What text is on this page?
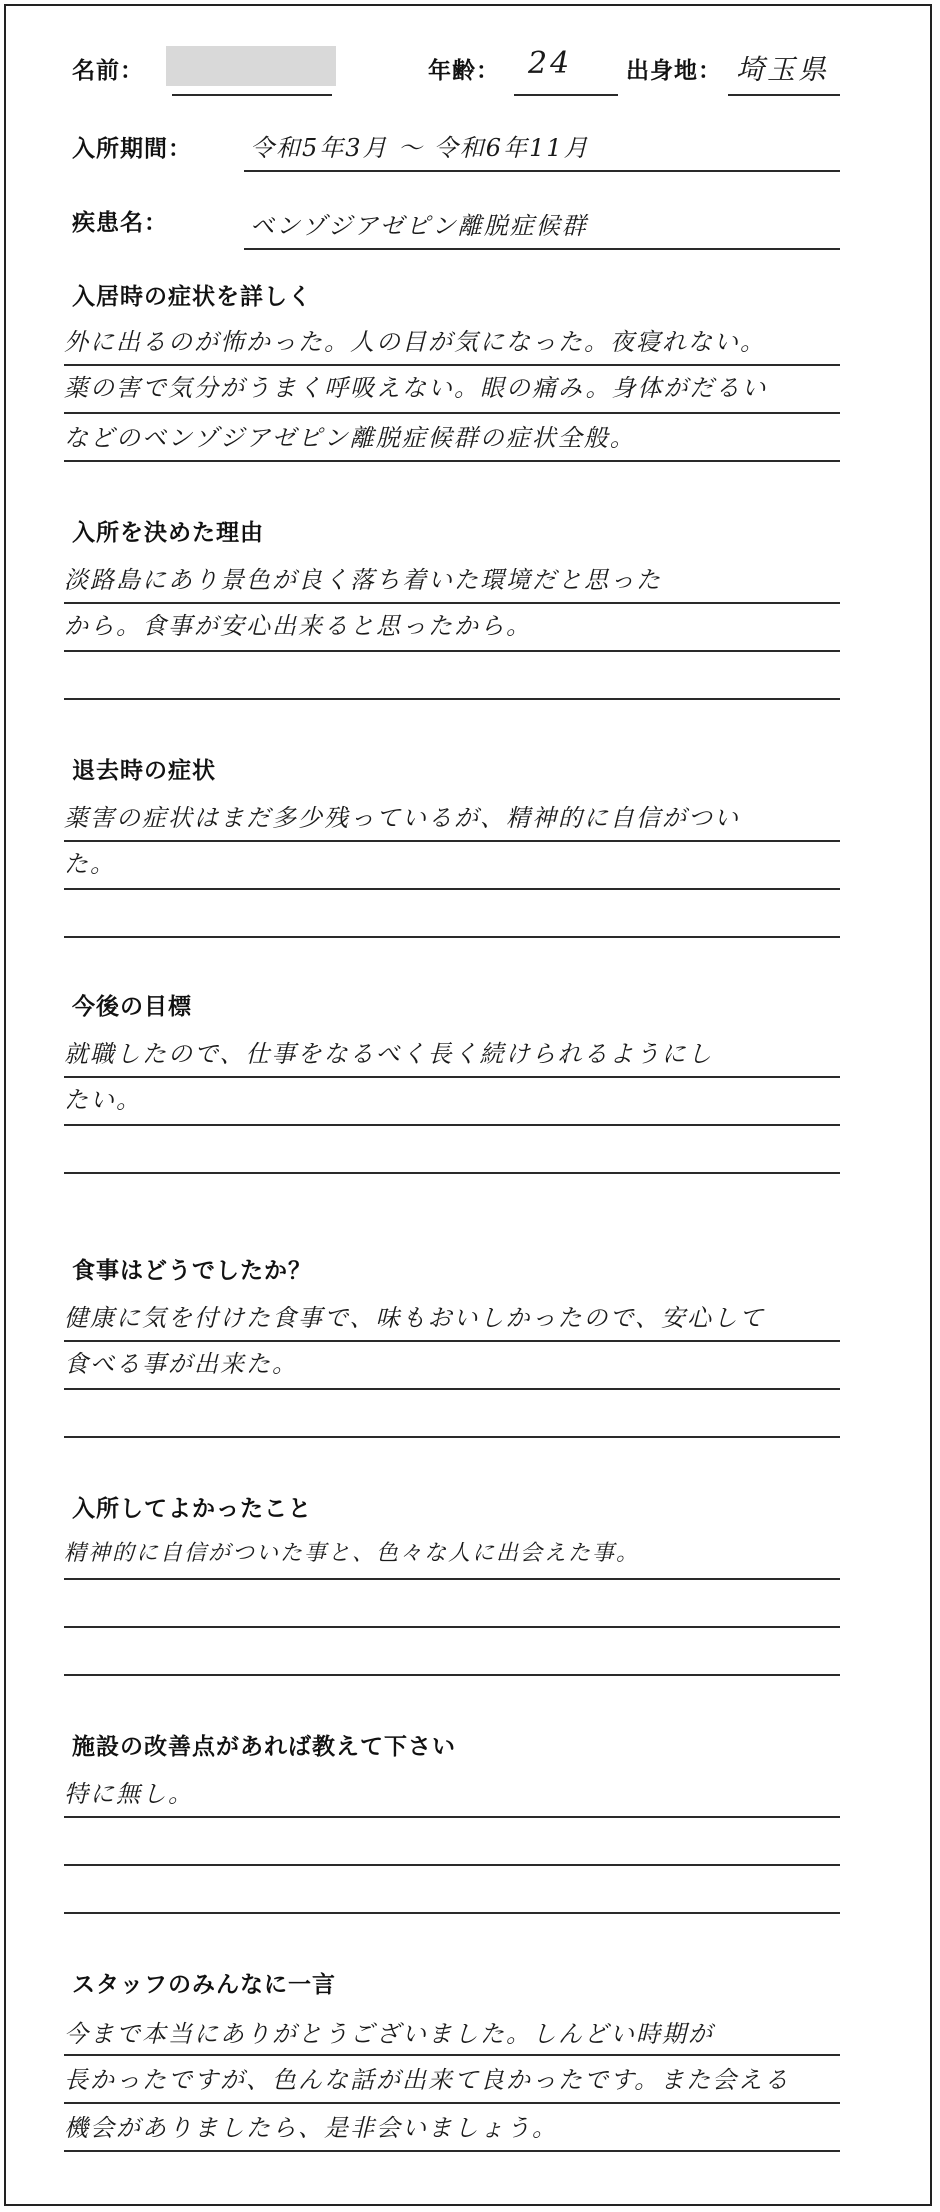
名前：	年齢： 24 出身地： 埼玉県
入所期間： 令和5年3月 ～ 令和6年11月
疾患名：	ベンゾジアゼピン離脱症候群
入居時の症状を詳しく
外に出るのが怖かった。人の目が気になった。夜寝れない。
薬の害で気分がうまく呼吸えない。眼の痛み。身体がだるい
などのベンゾジアゼピン離脱症候群の症状全般。
入所を決めた理由
淡路島にあり景色が良く落ち着いた環境だと思った
から。食事が安心出来ると思ったから。
退去時の症状
薬害の症状はまだ多少残っているが、精神的に自信がつい
た。
今後の目標
就職したので、仕事をなるべく長く続けられるようにし
たい。
食事はどうでしたか？
健康に気を付けた食事で、味もおいしかったので、安心して
食べる事が出来た。
入所してよかったこと
精神的に自信がついた事と、色々な人に出会えた事。
施設の改善点があれば教えて下さい
特に無し。
スタッフのみんなに一言
今まで本当にありがとうございました。しんどい時期が
長かったですが、色んな話が出来て良かったです。また会える
機会がありましたら、是非会いましょう。
